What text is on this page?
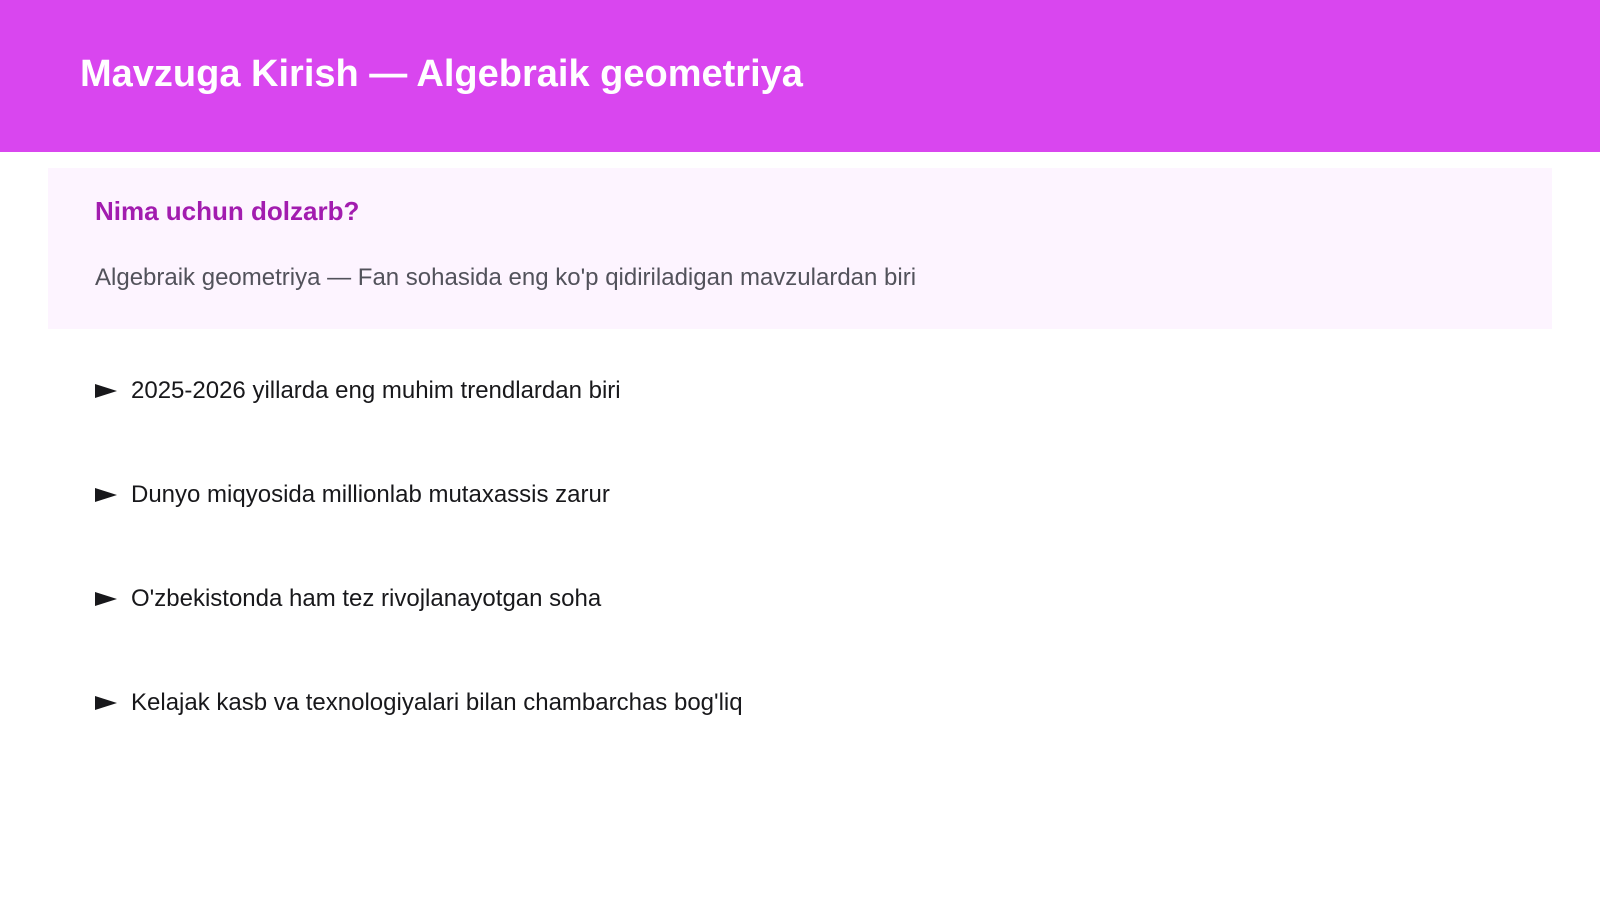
Mavzuga Kirish — Algebraik geometriya
Nima uchun dolzarb?

Algebraik geometriya — Fan sohasida eng ko'p qidiriladigan mavzulardan biri

2025-2026 yillarda eng muhim trendlardan biri
Dunyo miqyosida millionlab mutaxassis zarur
O'zbekistonda ham tez rivojlanayotgan soha
Kelajak kasb va texnologiyalari bilan chambarchas bog'liq
